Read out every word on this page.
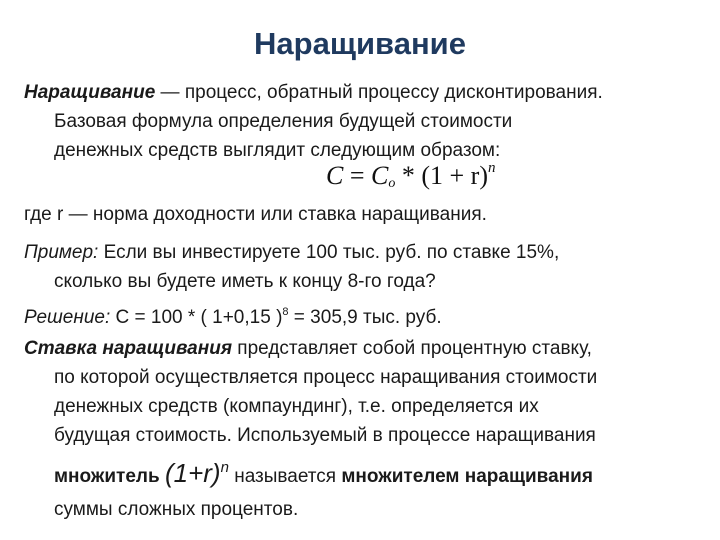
Наращивание
Наращивание — процесс, обратный процессу дисконтирования.
Базовая формула определения будущей стоимости
денежных средств выглядит следующим образом:
$C = C_o * (1 + r)^n$
где r — норма доходности или ставка наращивания.
Пример: Если вы инвестируете 100 тыс. руб. по ставке 15%,
сколько вы будете иметь к концу 8-го года?
Решение: С = 100 * ( 1+0,15 )$^8$ = 305,9 тыс. руб.
Ставка наращивания представляет собой процентную ставку,
по которой осуществляется процесс наращивания стоимости
денежных средств (компаундинг), т.е. определяется их
будущая стоимость. Используемый в процессе наращивания
множитель $(1+r)^n$ называется множителем наращивания
суммы сложных процентов.
